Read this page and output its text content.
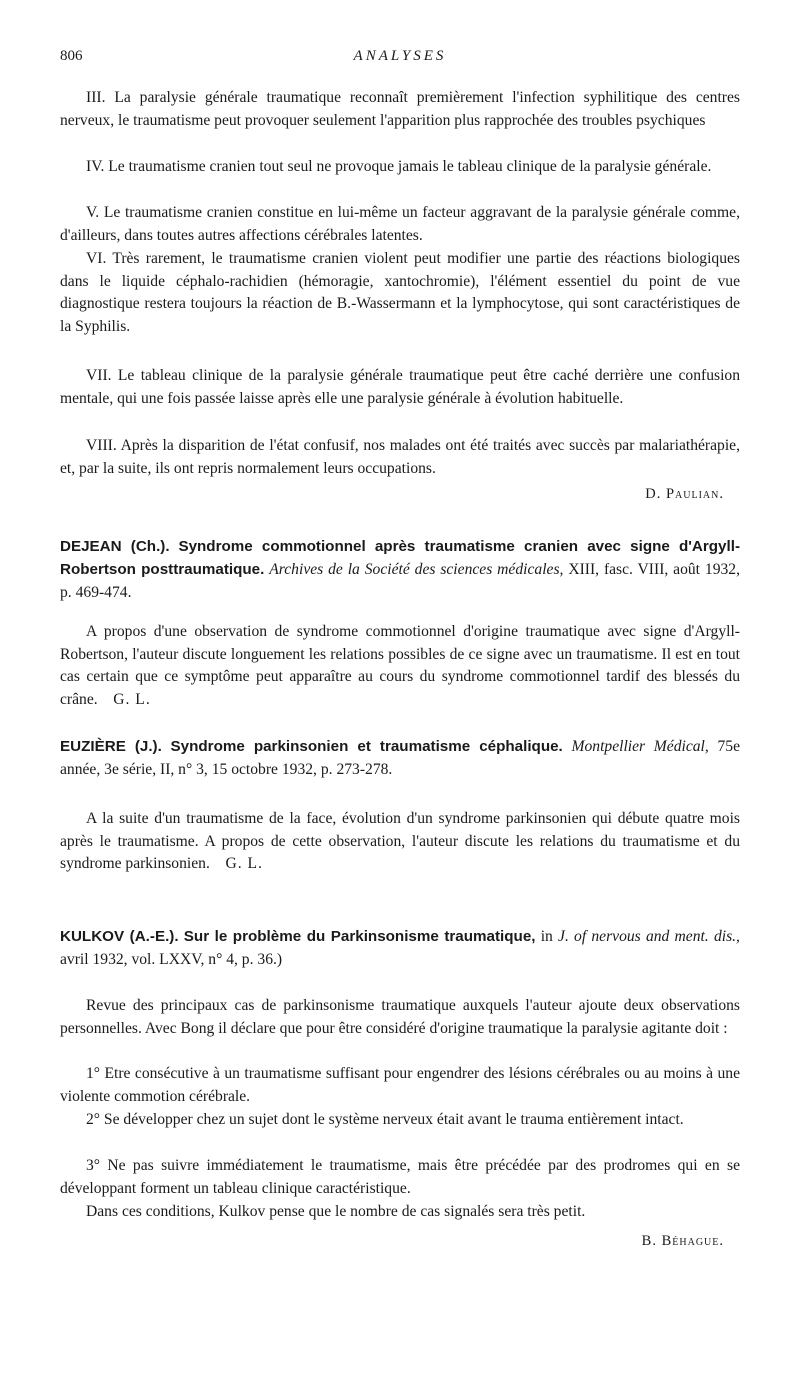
806	ANALYSES

III. La paralysie générale traumatique reconnaît premièrement l'infection syphilitique des centres nerveux, le traumatisme peut provoquer seulement l'apparition plus rapprochée des troubles psychiques

IV. Le traumatisme cranien tout seul ne provoque jamais le tableau clinique de la paralysie générale.

V. Le traumatisme cranien constitue en lui-même un facteur aggravant de la paralysie générale comme, d'ailleurs, dans toutes autres affections cérébrales latentes.

VI. Très rarement, le traumatisme cranien violent peut modifier une partie des réactions biologiques dans le liquide céphalo-rachidien (hémoragie, xantochromie), l'élément essentiel du point de vue diagnostique restera toujours la réaction de B.-Wassermann et la lymphocytose, qui sont caractéristiques de la Syphilis.

VII. Le tableau clinique de la paralysie générale traumatique peut être caché derrière une confusion mentale, qui une fois passée laisse après elle une paralysie générale à évolution habituelle.

VIII. Après la disparition de l'état confusif, nos malades ont été traités avec succès par malariathérapie, et, par la suite, ils ont repris normalement leurs occupations.

D. Paulian.

DEJEAN (Ch.). Syndrome commotionnel après traumatisme cranien avec signe d'Argyll-Robertson posttraumatique. Archives de la Société des sciences médicales, XIII, fasc. VIII, août 1932, p. 469-474.

A propos d'une observation de syndrome commotionnel d'origine traumatique avec signe d'Argyll-Robertson, l'auteur discute longuement les relations possibles de ce signe avec un traumatisme. Il est en tout cas certain que ce symptôme peut apparaître au cours du syndrome commotionnel tardif des blessés du crâne. G. L.

EUZIÈRE (J.). Syndrome parkinsonien et traumatisme céphalique. Montpellier Médical, 75e année, 3e série, II, n° 3, 15 octobre 1932, p. 273-278.

A la suite d'un traumatisme de la face, évolution d'un syndrome parkinsonien qui débute quatre mois après le traumatisme. A propos de cette observation, l'auteur discute les relations du traumatisme et du syndrome parkinsonien. G. L.

KULKOV (A.-E.). Sur le problème du Parkinsonisme traumatique, in J. of nervous and ment. dis., avril 1932, vol. LXXV, n° 4, p. 36.)

Revue des principaux cas de parkinsonisme traumatique auxquels l'auteur ajoute deux observations personnelles. Avec Bong il déclare que pour être considéré d'origine traumatique la paralysie agitante doit :

1° Etre consécutive à un traumatisme suffisant pour engendrer des lésions cérébrales ou au moins à une violente commotion cérébrale.

2° Se développer chez un sujet dont le système nerveux était avant le trauma entièrement intact.

3° Ne pas suivre immédiatement le traumatisme, mais être précédée par des prodromes qui en se développant forment un tableau clinique caractéristique.

Dans ces conditions, Kulkov pense que le nombre de cas signalés sera très petit.

B. Béhague.
